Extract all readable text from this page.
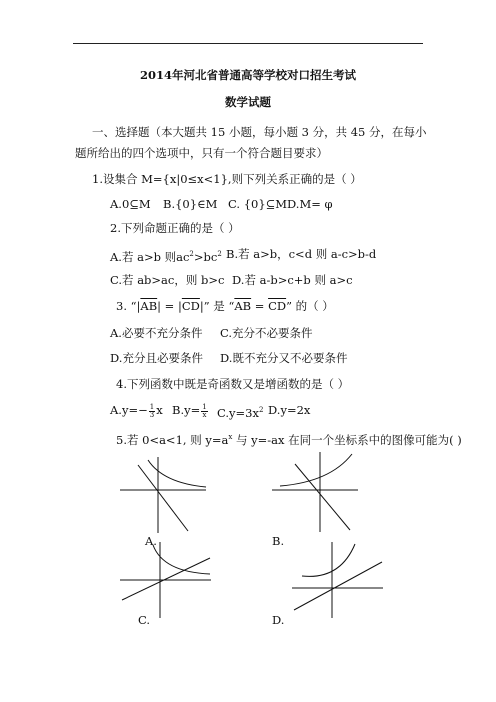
2014年河北省普通高等学校对口招生考试
数学试题
一、选择题（本大题共 15 小题，每小题 3 分，共 45 分，在每小
题所给出的四个选项中，只有一个符合题目要求）
1.设集合 M={x|0≤x<1},则下列关系正确的是（ ）
A.0⊆M B.{0}∈M C. {0}⊆M D.M= φ
2.下列命题正确的是（ ）
A.若 a>b 则$ac^2>bc^2$ B.若 a>b，c<d 则 a-c>b-d
C.若 ab>ac，则 b>c D.若 a-b>c+b 则 a>c
3. “$|\overline{AB}| = |\overline{CD}|$” 是 “$\overline{AB} = \overline{CD}$” 的（ ）
A.必要不充分条件 C.充分不必要条件
D.充分且必要条件 D.既不充分又不必要条件
4.下列函数中既是奇函数又是增函数的是（ ）
$A.y=- \frac{1}{3}$ x $B.y= \frac{1}{x} C.y=3x^2$ D.y=2x
5.若 0<a<1, 则 $y=a^x$ 与 y=-ax 在同一个坐标系中的图像可能为( )
A.	B.
C.	D.
